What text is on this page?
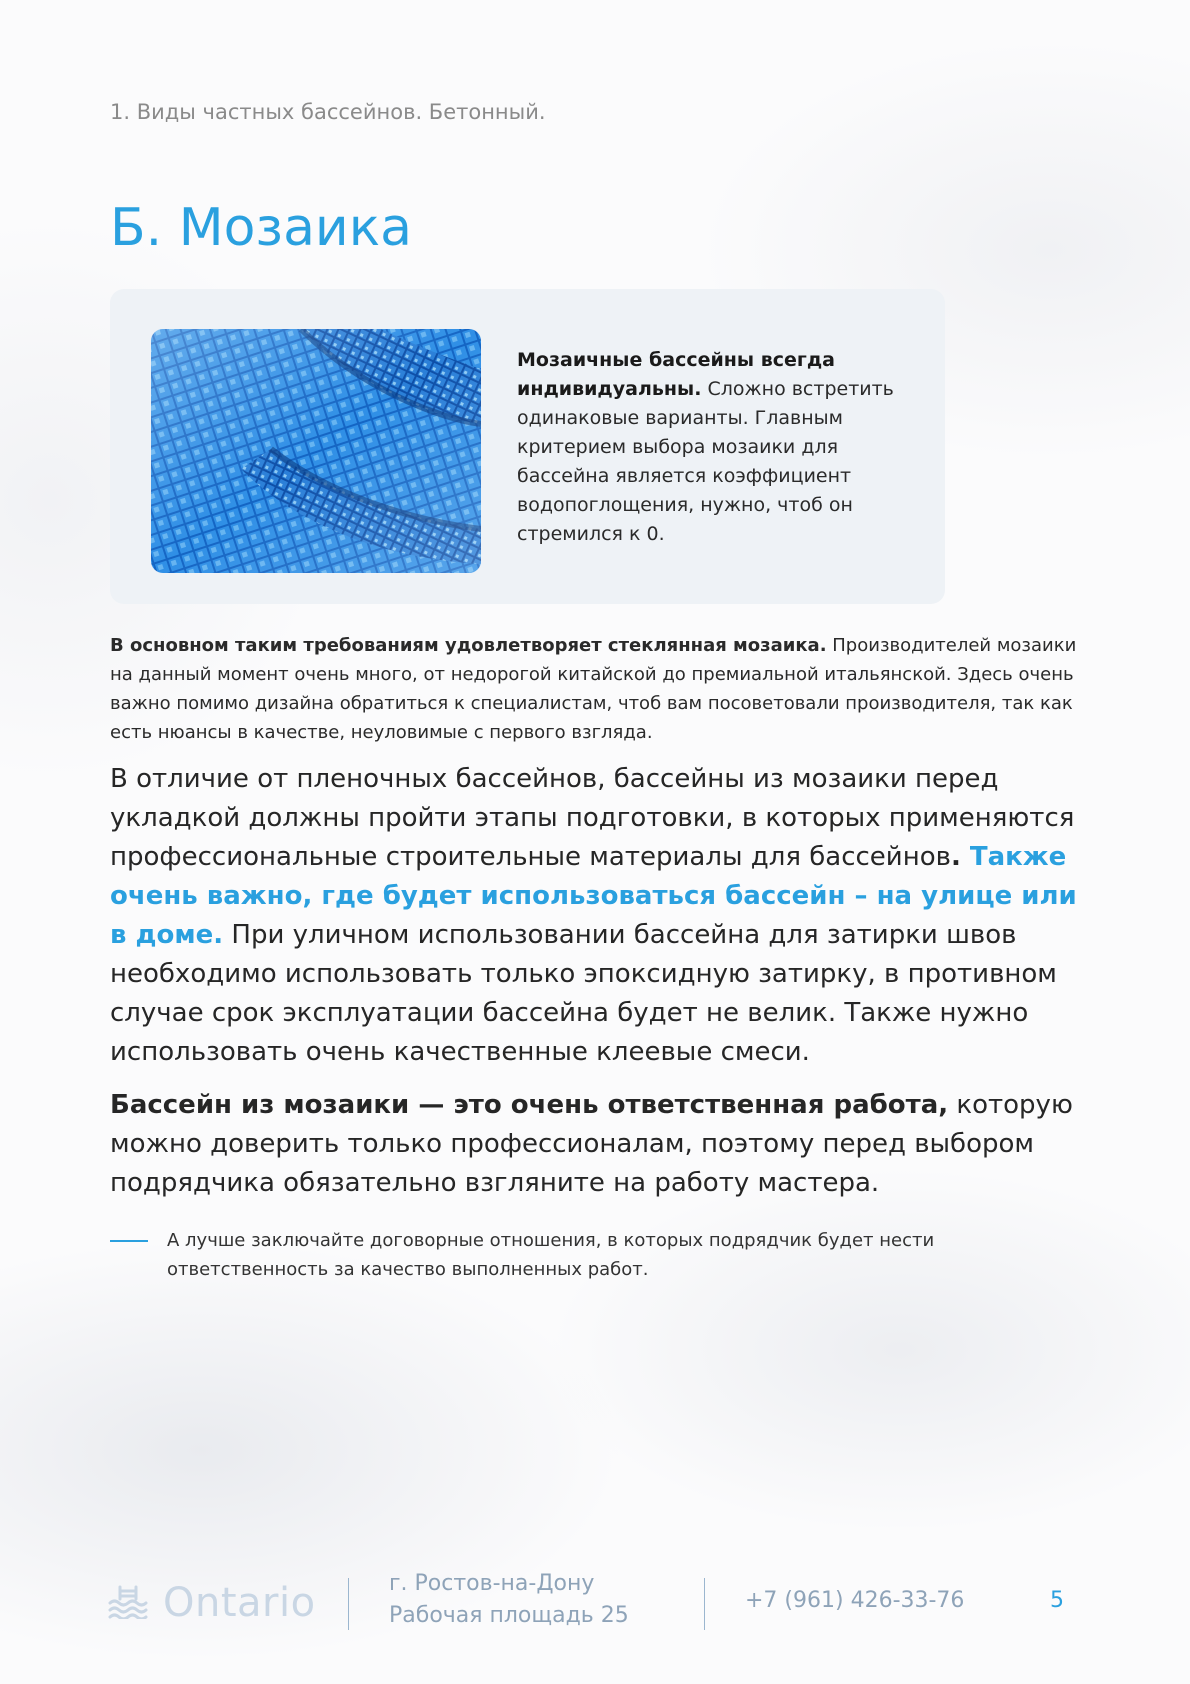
1. Виды частных бассейнов. Бетонный.
Б. Мозаика
Мозаичные бассейны всегда индивидуальны. Сложно встретить одинаковые варианты. Главным критерием выбора мозаики для бассейна является коэффициент водопоглощения, нужно, чтоб он стремился к 0.
В основном таким требованиям удовлетворяет стеклянная мозаика. Производителей мозаики на данный момент очень много, от недорогой китайской до премиальной итальянской. Здесь очень важно помимо дизайна обратиться к специалистам, чтоб вам посоветовали производителя, так как есть нюансы в качестве, неуловимые с первого взгляда.
В отличие от пленочных бассейнов, бассейны из мозаики перед укладкой должны пройти этапы подготовки, в которых применяются профессиональные строительные материалы для бассейнов. Также очень важно, где будет использоваться бассейн – на улице или в доме. При уличном использовании бассейна для затирки швов необходимо использовать только эпоксидную затирку, в противном случае срок эксплуатации бассейна будет не велик. Также нужно использовать очень качественные клеевые смеси.
Бассейн из мозаики — это очень ответственная работа, которую можно доверить только профессионалам, поэтому перед выбором подрядчика обязательно взгляните на работу мастера.
А лучше заключайте договорные отношения, в которых подрядчик будет нести ответственность за качество выполненных работ.
Ontario	г. Ростов-на-Дону
Рабочая площадь 25
+7 (961) 426-33-76	5
